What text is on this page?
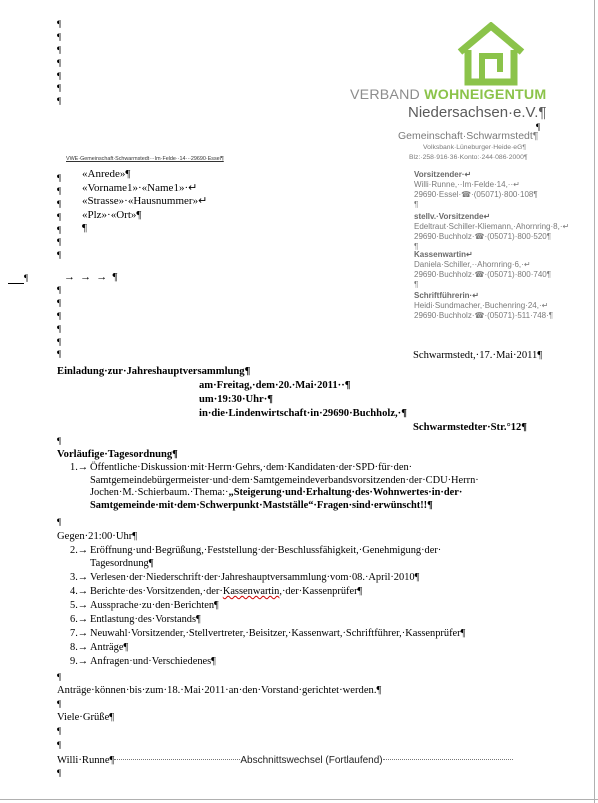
¶
¶
¶
¶
¶
¶
¶	VERBAND WOHNEIGENTUM
Niedersachsen·e.V.¶
¶
Gemeinschaft·Schwarmstedt¶
Volksbank·Lüneburger·Heide·eG¶
Blz:·258·916·36·Konto:·244·086·2000¶
Vorsitzender·↵
Willi·Runne,··Im·Felde·14,··↵
29690·Essel·☎·(05071)·800·108¶
¶
stellv.·Vorsitzende↵
Edeltraut·Schiller-Kliemann,·Ahornring·8,·↵
29690·Buchholz·☎·(05071)·800·520¶
¶
Kassenwartin↵
Daniela·Schiller,··Ahornring·6,·↵
29690·Buchholz·☎·(05071)·800·740¶
¶
Schriftführerin·↵
Heidi·Sundmacher,·Buchenring·24,·↵
29690·Buchholz·☎·(05071)·511·748·¶
VWE·Gemeinschaft·Schwarmstedt···Im·Felde··14···29690·Essel¶
¶
¶
¶
¶
¶
¶
¶
«Anrede»¶
«Vorname1»·«Name1»·↵
«Strasse»·«Hausnummer»↵
«Plz»·«Ort»¶
¶
¶	→ → → ¶
¶
¶
¶
¶
¶
¶	Schwarmstedt,·17.·Mai·2011¶
Einladung·zur·Jahreshauptversammlung¶
am·Freitag,·dem·20.·Mai·2011··¶
um·19:30·Uhr·¶
in·die·Lindenwirtschaft·in·29690·Buchholz,·¶
Schwarmstedter·Str.°12¶
¶
Vorläufige·Tagesordnung¶
1.→ Öffentliche·Diskussion·mit·Herrn·Gehrs,·dem·Kandidaten·der·SPD·für·den·
Samtgemeindebürgermeister·und·dem·Samtgemeindeverbandsvorsitzenden·der·CDU·Herrn·
Jochen·M.·Schierbaum.·Thema:·„Steigerung·und·Erhaltung·des·Wohnwertes·in·der·
Samtgemeinde·mit·dem·Schwerpunkt·Mastställe“·Fragen·sind·erwünscht!!¶
¶
Gegen·21:00·Uhr¶
2.→ Eröffnung·und·Begrüßung,·Feststellung·der·Beschlussfähigkeit,·Genehmigung·der·
Tagesordnung¶
3.→ Verlesen·der·Niederschrift·der·Jahreshauptversammlung·vom·08.·April·2010¶
4.→ Berichte·des·Vorsitzenden,·der·Kassenwartin,·der·Kassenprüfer¶
5.→ Aussprache·zu·den·Berichten¶
6.→ Entlastung·des·Vorstands¶
7.→ Neuwahl·Vorsitzender,·Stellvertreter,·Beisitzer,·Kassenwart,·Schriftführer,·Kassenprüfer¶
8.→ Anträge¶
9.→ Anfragen·und·Verschiedenes¶
¶
Anträge·können·bis·zum·18.·Mai·2011·an·den·Vorstand·gerichtet·werden.¶
¶
Viele·Grüße¶
¶
¶
Willi·Runne¶	Abschnittswechsel (Fortlaufend)
¶
